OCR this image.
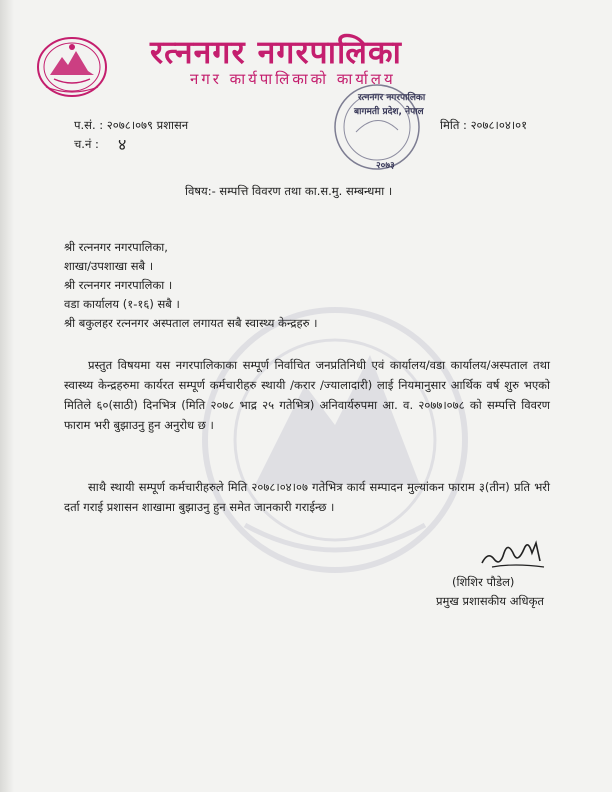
रत्ननगर नगरपालिका
नगर कार्यपालिकाको कार्यालय
रत्ननगर नगरपालिका
बागमती प्रदेश, नेपाल
२०७३
प.सं. : २०७८।०७९ प्रशासन
च.नं : ४
मिति : २०७८।०४।०१
विषय:- सम्पत्ति विवरण तथा का.स.मु. सम्बन्धमा ।
श्री रत्ननगर नगरपालिका,
शाखा/उपशाखा सबै ।
श्री रत्ननगर नगरपालिका ।
वडा कार्यालय (१-१६) सबै ।
श्री बकुलहर रत्ननगर अस्पताल लगायत सबै स्वास्थ्य केन्द्रहरु ।
प्रस्तुत विषयमा यस नगरपालिकाका सम्पूर्ण निर्वाचित जनप्रतिनिधी एवं कार्यालय/वडा कार्यालय/अस्पताल तथा स्वास्थ्य केन्द्रहरुमा कार्यरत सम्पूर्ण कर्मचारीहरु स्थायी /करार /ज्यालादारी) लाई नियमानुसार आर्थिक वर्ष शुरु भएको मितिले ६०(साठी) दिनभित्र (मिति २०७८ भाद्र २५ गतेभित्र) अनिवार्यरुपमा आ. व. २०७७।०७८ को सम्पत्ति विवरण फाराम भरी बुझाउनु हुन अनुरोध छ ।
साथै स्थायी सम्पूर्ण कर्मचारीहरुले मिति २०७८।०४।०७ गतेभित्र कार्य सम्पादन मुल्यांकन फाराम ३(तीन) प्रति भरी दर्ता गराई प्रशासन शाखामा बुझाउनु हुन समेत जानकारी गराईन्छ ।
(शिशिर पौडेल)
प्रमुख प्रशासकीय अधिकृत
